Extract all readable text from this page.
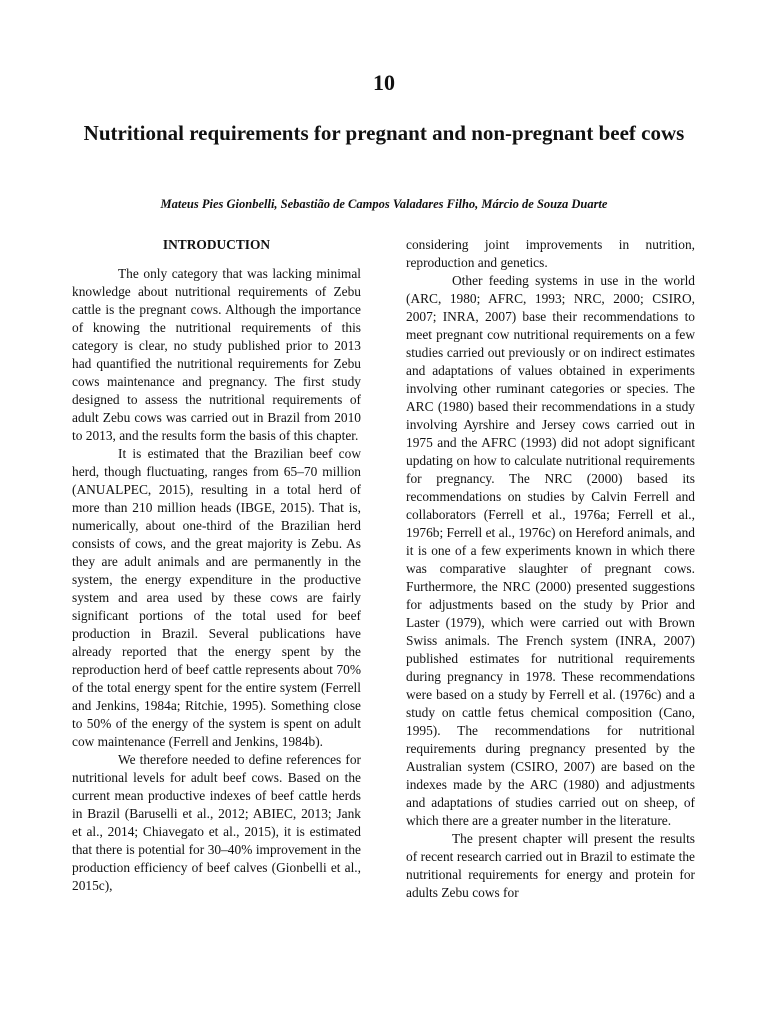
10
Nutritional requirements for pregnant and non-pregnant beef cows
Mateus Pies Gionbelli, Sebastião de Campos Valadares Filho, Márcio de Souza Duarte
INTRODUCTION

The only category that was lacking minimal knowledge about nutritional requirements of Zebu cattle is the pregnant cows. Although the importance of knowing the nutritional requirements of this category is clear, no study published prior to 2013 had quantified the nutritional requirements for Zebu cows maintenance and pregnancy. The first study designed to assess the nutritional requirements of adult Zebu cows was carried out in Brazil from 2010 to 2013, and the results form the basis of this chapter.

It is estimated that the Brazilian beef cow herd, though fluctuating, ranges from 65–70 million (ANUALPEC, 2015), resulting in a total herd of more than 210 million heads (IBGE, 2015). That is, numerically, about one-third of the Brazilian herd consists of cows, and the great majority is Zebu. As they are adult animals and are permanently in the system, the energy expenditure in the productive system and area used by these cows are fairly significant portions of the total used for beef production in Brazil. Several publications have already reported that the energy spent by the reproduction herd of beef cattle represents about 70% of the total energy spent for the entire system (Ferrell and Jenkins, 1984a; Ritchie, 1995). Something close to 50% of the energy of the system is spent on adult cow maintenance (Ferrell and Jenkins, 1984b).

We therefore needed to define references for nutritional levels for adult beef cows. Based on the current mean productive indexes of beef cattle herds in Brazil (Baruselli et al., 2012; ABIEC, 2013; Jank et al., 2014; Chiavegato et al., 2015), it is estimated that there is potential for 30–40% improvement in the production efficiency of beef calves (Gionbelli et al., 2015c),

considering joint improvements in nutrition, reproduction and genetics.

Other feeding systems in use in the world (ARC, 1980; AFRC, 1993; NRC, 2000; CSIRO, 2007; INRA, 2007) base their recommendations to meet pregnant cow nutritional requirements on a few studies carried out previously or on indirect estimates and adaptations of values obtained in experiments involving other ruminant categories or species. The ARC (1980) based their recommendations in a study involving Ayrshire and Jersey cows carried out in 1975 and the AFRC (1993) did not adopt significant updating on how to calculate nutritional requirements for pregnancy. The NRC (2000) based its recommendations on studies by Calvin Ferrell and collaborators (Ferrell et al., 1976a; Ferrell et al., 1976b; Ferrell et al., 1976c) on Hereford animals, and it is one of a few experiments known in which there was comparative slaughter of pregnant cows. Furthermore, the NRC (2000) presented suggestions for adjustments based on the study by Prior and Laster (1979), which were carried out with Brown Swiss animals. The French system (INRA, 2007) published estimates for nutritional requirements during pregnancy in 1978. These recommendations were based on a study by Ferrell et al. (1976c) and a study on cattle fetus chemical composition (Cano, 1995). The recommendations for nutritional requirements during pregnancy presented by the Australian system (CSIRO, 2007) are based on the indexes made by the ARC (1980) and adjustments and adaptations of studies carried out on sheep, of which there are a greater number in the literature.

The present chapter will present the results of recent research carried out in Brazil to estimate the nutritional requirements for energy and protein for adults Zebu cows for
